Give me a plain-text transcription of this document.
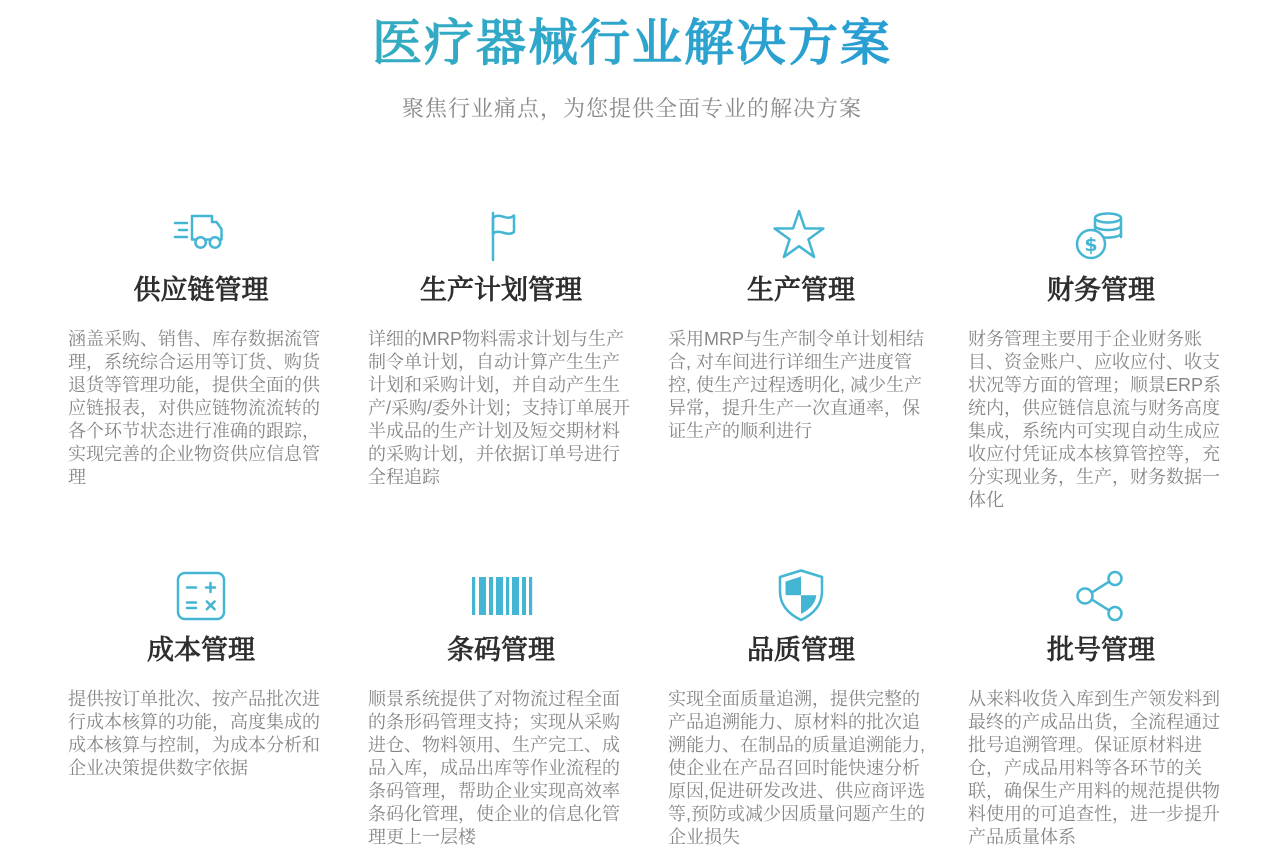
医疗器械行业解决方案

聚焦行业痛点，为您提供全面专业的解决方案

供应链管理

涵盖采购、销售、库存数据流管理，系统综合运用等订货、购货退货等管理功能，提供全面的供应链报表，对供应链物流流转的各个环节状态进行准确的跟踪，实现完善的企业物资供应信息管理

生产计划管理

详细的MRP物料需求计划与生产制令单计划，自动计算产生生产计划和采购计划，并自动产生生产/采购/委外计划；支持订单展开半成品的生产计划及短交期材料的采购计划，并依据订单号进行全程追踪

生产管理

采用MRP与生产制令单计划相结合, 对车间进行详细生产进度管控, 使生产过程透明化, 减少生产异常，提升生产一次直通率，保证生产的顺利进行

$
财务管理

财务管理主要用于企业财务账目、资金账户、应收应付、收支状况等方面的管理；顺景ERP系统内，供应链信息流与财务高度集成，系统内可实现自动生成应收应付凭证成本核算管控等，充分实现业务，生产，财务数据一体化

成本管理

提供按订单批次、按产品批次进行成本核算的功能，高度集成的成本核算与控制，为成本分析和企业决策提供数字依据

条码管理

顺景系统提供了对物流过程全面的条形码管理支持；实现从采购进仓、物料领用、生产完工、成品入库，成品出库等作业流程的条码管理，帮助企业实现高效率条码化管理，使企业的信息化管理更上一层楼

品质管理

实现全面质量追溯，提供完整的产品追溯能力、原材料的批次追溯能力、在制品的质量追溯能力,使企业在产品召回时能快速分析原因,促进研发改进、供应商评选等,预防或减少因质量问题产生的企业损失

批号管理

从来料收货入库到生产领发料到最终的产成品出货，全流程通过批号追溯管理。保证原材料进仓，产成品用料等各环节的关联，确保生产用料的规范提供物料使用的可追查性，进一步提升产品质量体系
